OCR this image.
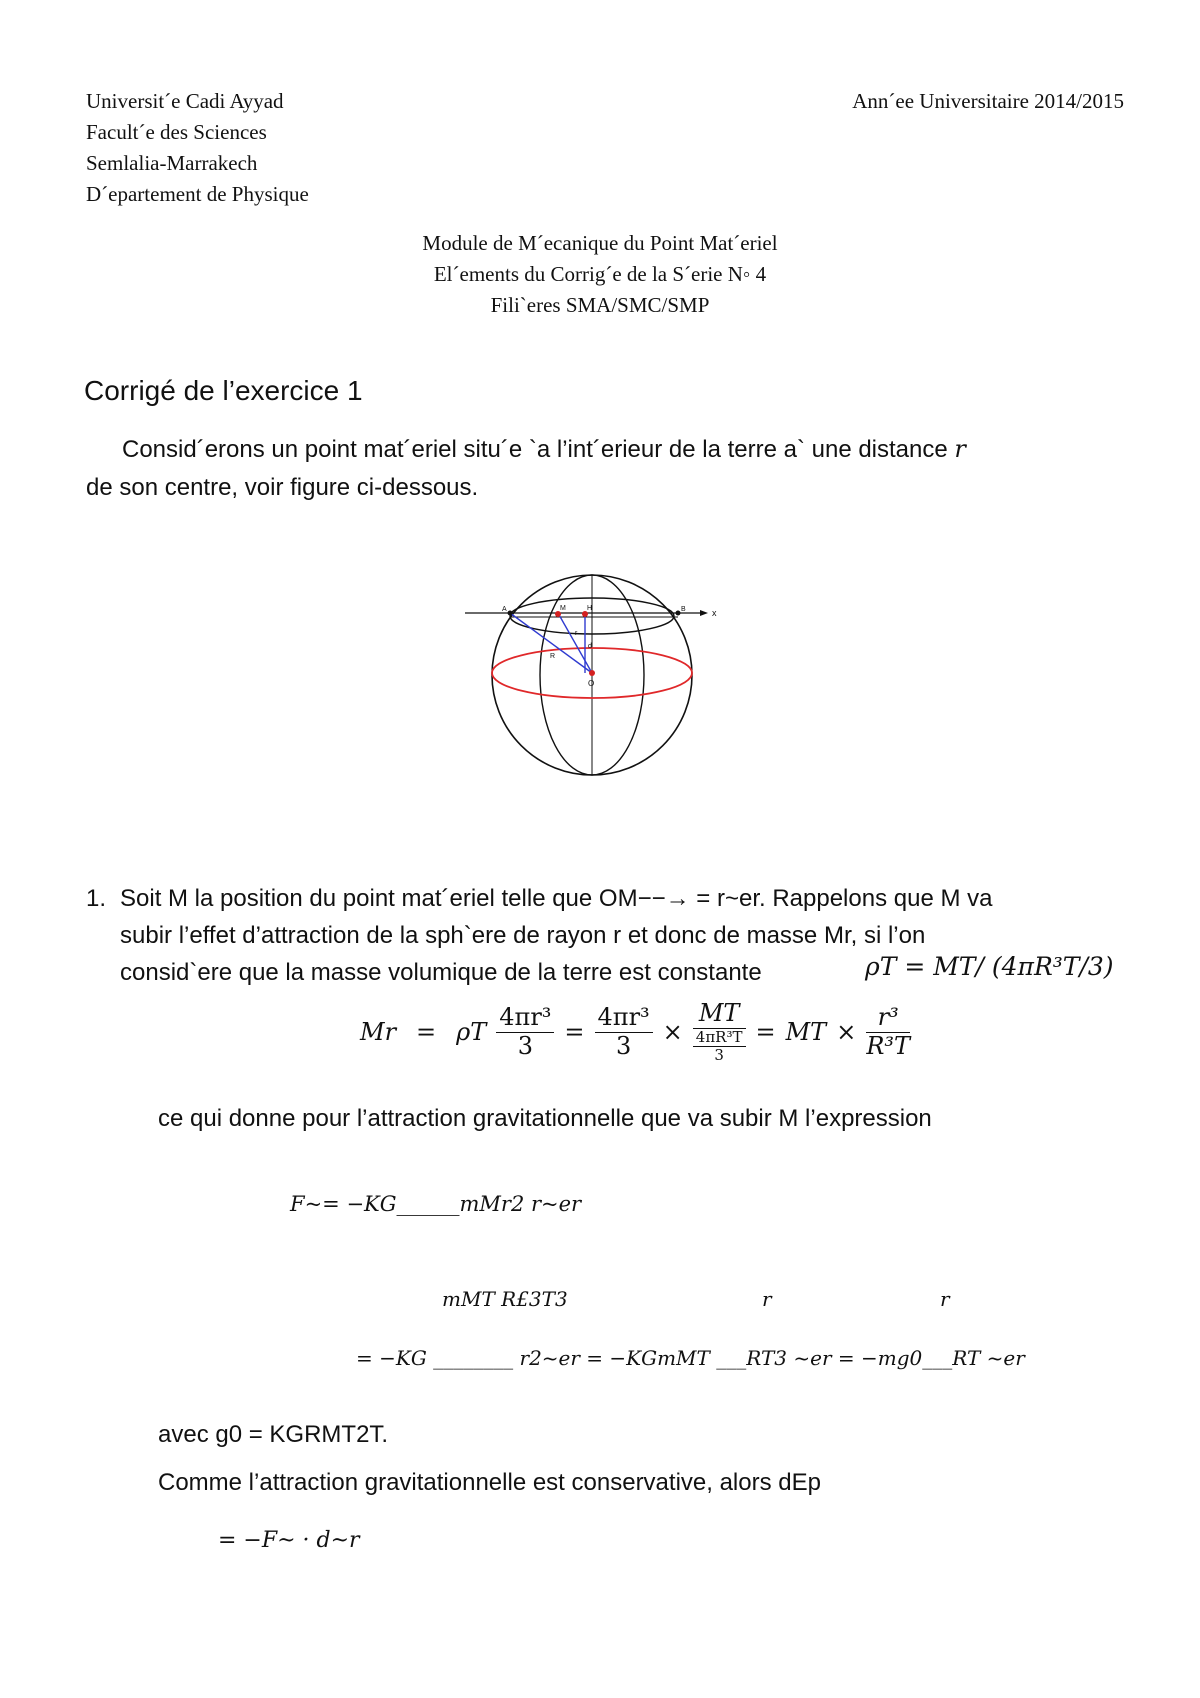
Universit´e Cadi Ayyad
Facult´e des Sciences
Semlalia-Marrakech
D´epartement de Physique
Ann´ee Universitaire 2014/2015
Module de M´ecanique du Point Mat´eriel
El´ements du Corrig´e de la S´erie N◦ 4
Fili`eres SMA/SMC/SMP
Corrigé de l’exercice 1
Consid´erons un point mat´eriel situ´e `a l’int´erieur de la terre a` une distance r
de son centre, voir figure ci-dessous.
x
A	B
M	H
r
d
R
O
1. Soit M la position du point mat´eriel telle que OM−−→ = r~er. Rappelons que M va
subir l’effet d’attraction de la sph`ere de rayon r et donc de masse Mr, si l’on
consid`ere que la masse volumique de la terre est constante	ρT = MT/ (4πR³T/3)
Mr = ρT $\frac{\text{4πr³}}{3} = \frac{\text{4πr³}}{3} \times \frac{MT}{\frac{\text{4πR³T}}{3}}$ = MT × $\frac{\text{r³}}{\text{R³T}}$
ce qui donne pour l’attraction gravitationnelle que va subir M l’expression
F~= −KG______mMr2 r~er
mMT R£3T3	r	r
= −KG ________ r2~er = −KGmMT ___RT3 ~er = −mg0___RT ~er
avec g0 = KGRMT2T.
Comme l’attraction gravitationnelle est conservative, alors dEp
= −F~ · d~r
